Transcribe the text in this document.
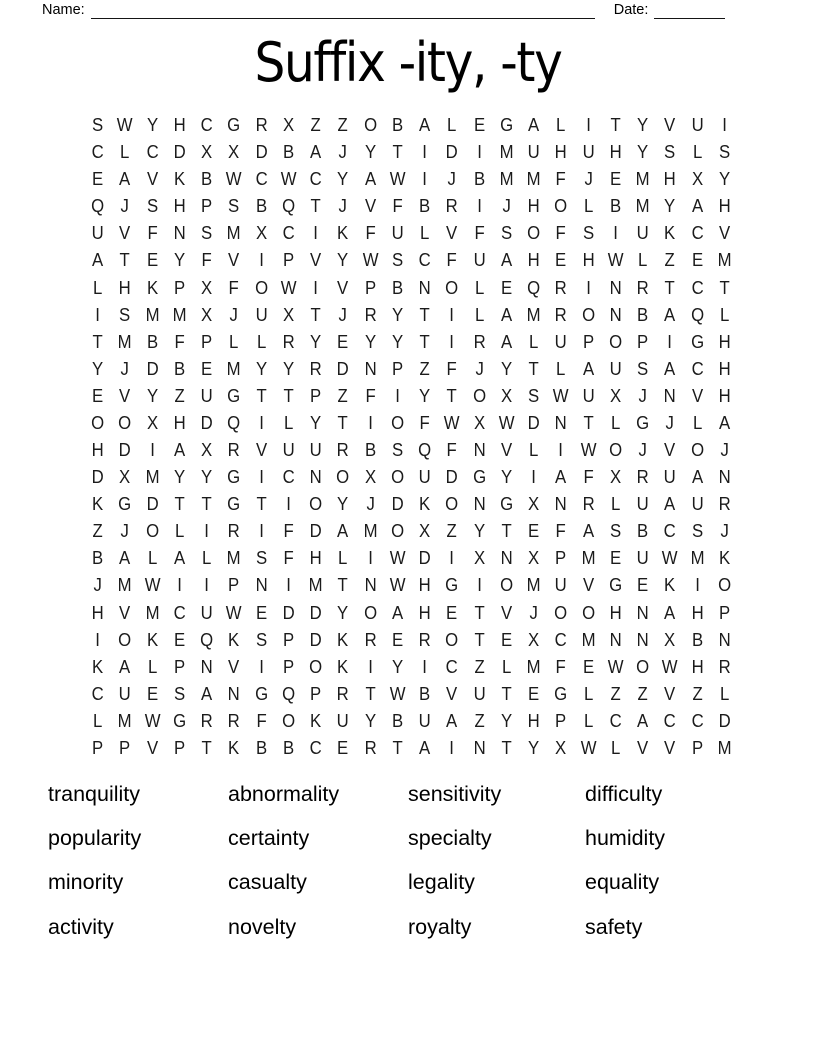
Name:	Date:
Suffix -ity, -ty
S W Y H C G R X Z Z O B A L E G A L	I	T Y V U	I
C L C D X X D B A J Y T	I	D	I M U H U H Y S L S
E A V K B W C W C Y A W I	J B M M F J E M H X Y
Q J S H P S B Q T J V F B R	I	J H O L B M Y A H
U V F N S M X C	I	K F U L V F S O F S	I	U K C V
A T E Y F V	I	P V Y W S C F U A H E H W L Z E M
L H K P X F O W I	V P B N O L E Q R	I	N R T C T
I	S M M X J U X T J R Y T	I	L A M R O N B A Q L
T M B F P L L R Y E Y Y T	I	R A L U P O P	I	G H
Y J D B E M Y Y R D N P Z F J Y T L A U S A C H
E V Y Z U G T T P Z F	I	Y T O X S W U X J N V H
O O X H D Q	I	L Y T	I	O F W X W D N T L G J	L A
H D	I	A X R V U U R B S Q F N V L	I W O J V O J
D X M Y Y G	I	C N O X O U D G Y	I	A F X R U A N
K G D T T G T	I	O Y J D K O N G X N R L U A U R
Z J O L	I	R	I	F D A M O X Z Y T E F A S B C S J
B A L A L M S F H L	I W D	I	X N X P M E U W M K
J M W I	I	P N	I M T N W H G	I	O M U V G E K	I	O
H V M C U W E D D Y O A H E T V J O O H N A H P
I	O K E Q K S P D K R E R O T E X C M N N X B N
K A L P N V	I	P O K	I	Y	I	C Z L M F E W O W H R
C U E S A N G Q P R T W B V U T E G L Z Z V Z L
L M W G R R F O K U Y B U A Z Y H P L C A C C D
P P V P T K B B C E R T A	I	N T Y X W L V V P M
tranquility	abnormality	sensitivity	difficulty
popularity	certainty	specialty	humidity
minority	casualty	legality	equality
activity	novelty	royalty	safety
